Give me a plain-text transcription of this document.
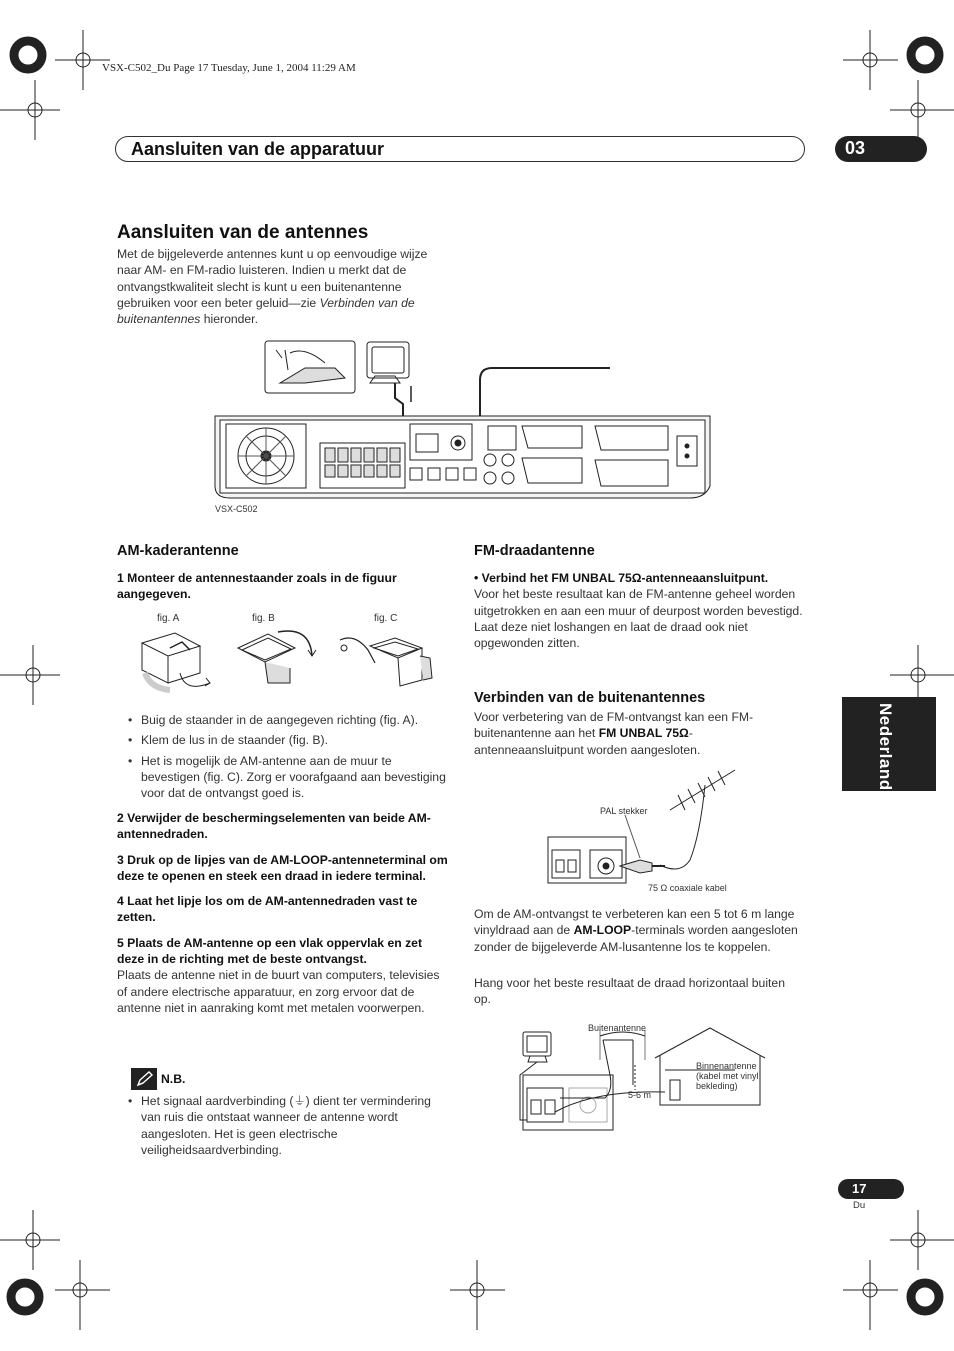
VSX-C502_Du Page 17 Tuesday, June 1, 2004 11:29 AM
Aansluiten van de apparatuur	03
Aansluiten van de antennes
Met de bijgeleverde antennes kunt u op eenvoudige wijze naar AM- en FM-radio luisteren. Indien u merkt dat de ontvangstkwaliteit slecht is kunt u een buitenantenne gebruiken voor een beter geluid—zie Verbinden van de buitenantennes hieronder.
VSX-C502
AM-kaderantenne

1 Monteer de antennestaander zoals in de figuur aangegeven.

fig. A	fig. B	fig. C
• Buig de staander in de aangegeven richting (fig. A).
• Klem de lus in de staander (fig. B).
• Het is mogelijk de AM-antenne aan de muur te bevestigen (fig. C). Zorg er voorafgaand aan bevestiging voor dat de ontvangst goed is.

2 Verwijder de beschermingselementen van beide AM-antennedraden.

3 Druk op de lipjes van de AM-LOOP-antenneterminal om deze te openen en steek een draad in iedere terminal.

4 Laat het lipje los om de AM-antennedraden vast te zetten.

5 Plaats de AM-antenne op een vlak oppervlak en zet deze in de richting met de beste ontvangst.

Plaats de antenne niet in de buurt van computers, televisies of andere electrische apparatuur, en zorg ervoor dat de antenne niet in aanraking komt met metalen voorwerpen.

N.B.
• Het signaal aardverbinding (⏚) dient ter vermindering van ruis die ontstaat wanneer de antenne wordt aangesloten. Het is geen electrische veiligheidsaardverbinding.
FM-draadantenne

• Verbind het FM UNBAL 75Ω-antenneaansluitpunt.

Voor het beste resultaat kan de FM-antenne geheel worden uitgetrokken en aan een muur of deurpost worden bevestigd. Laat deze niet loshangen en laat de draad ook niet opgewonden zitten.

Verbinden van de buitenantennes
Voor verbetering van de FM-ontvangst kan een FM-buitenantenne aan het FM UNBAL 75Ω-antenneaansluitpunt worden aangesloten.
PAL stekker
75 Ω coaxiale kabel
Om de AM-ontvangst te verbeteren kan een 5 tot 6 m lange vinyldraad aan de AM-LOOP-terminals worden aangesloten zonder de bijgeleverde AM-lusantenne los te koppelen.
Hang voor het beste resultaat de draad horizontaal buiten op.
Buitenantenne
Binnenantenne
(kabel met vinyl
bekleding)
5-6 m
Nederlands
17
Du
